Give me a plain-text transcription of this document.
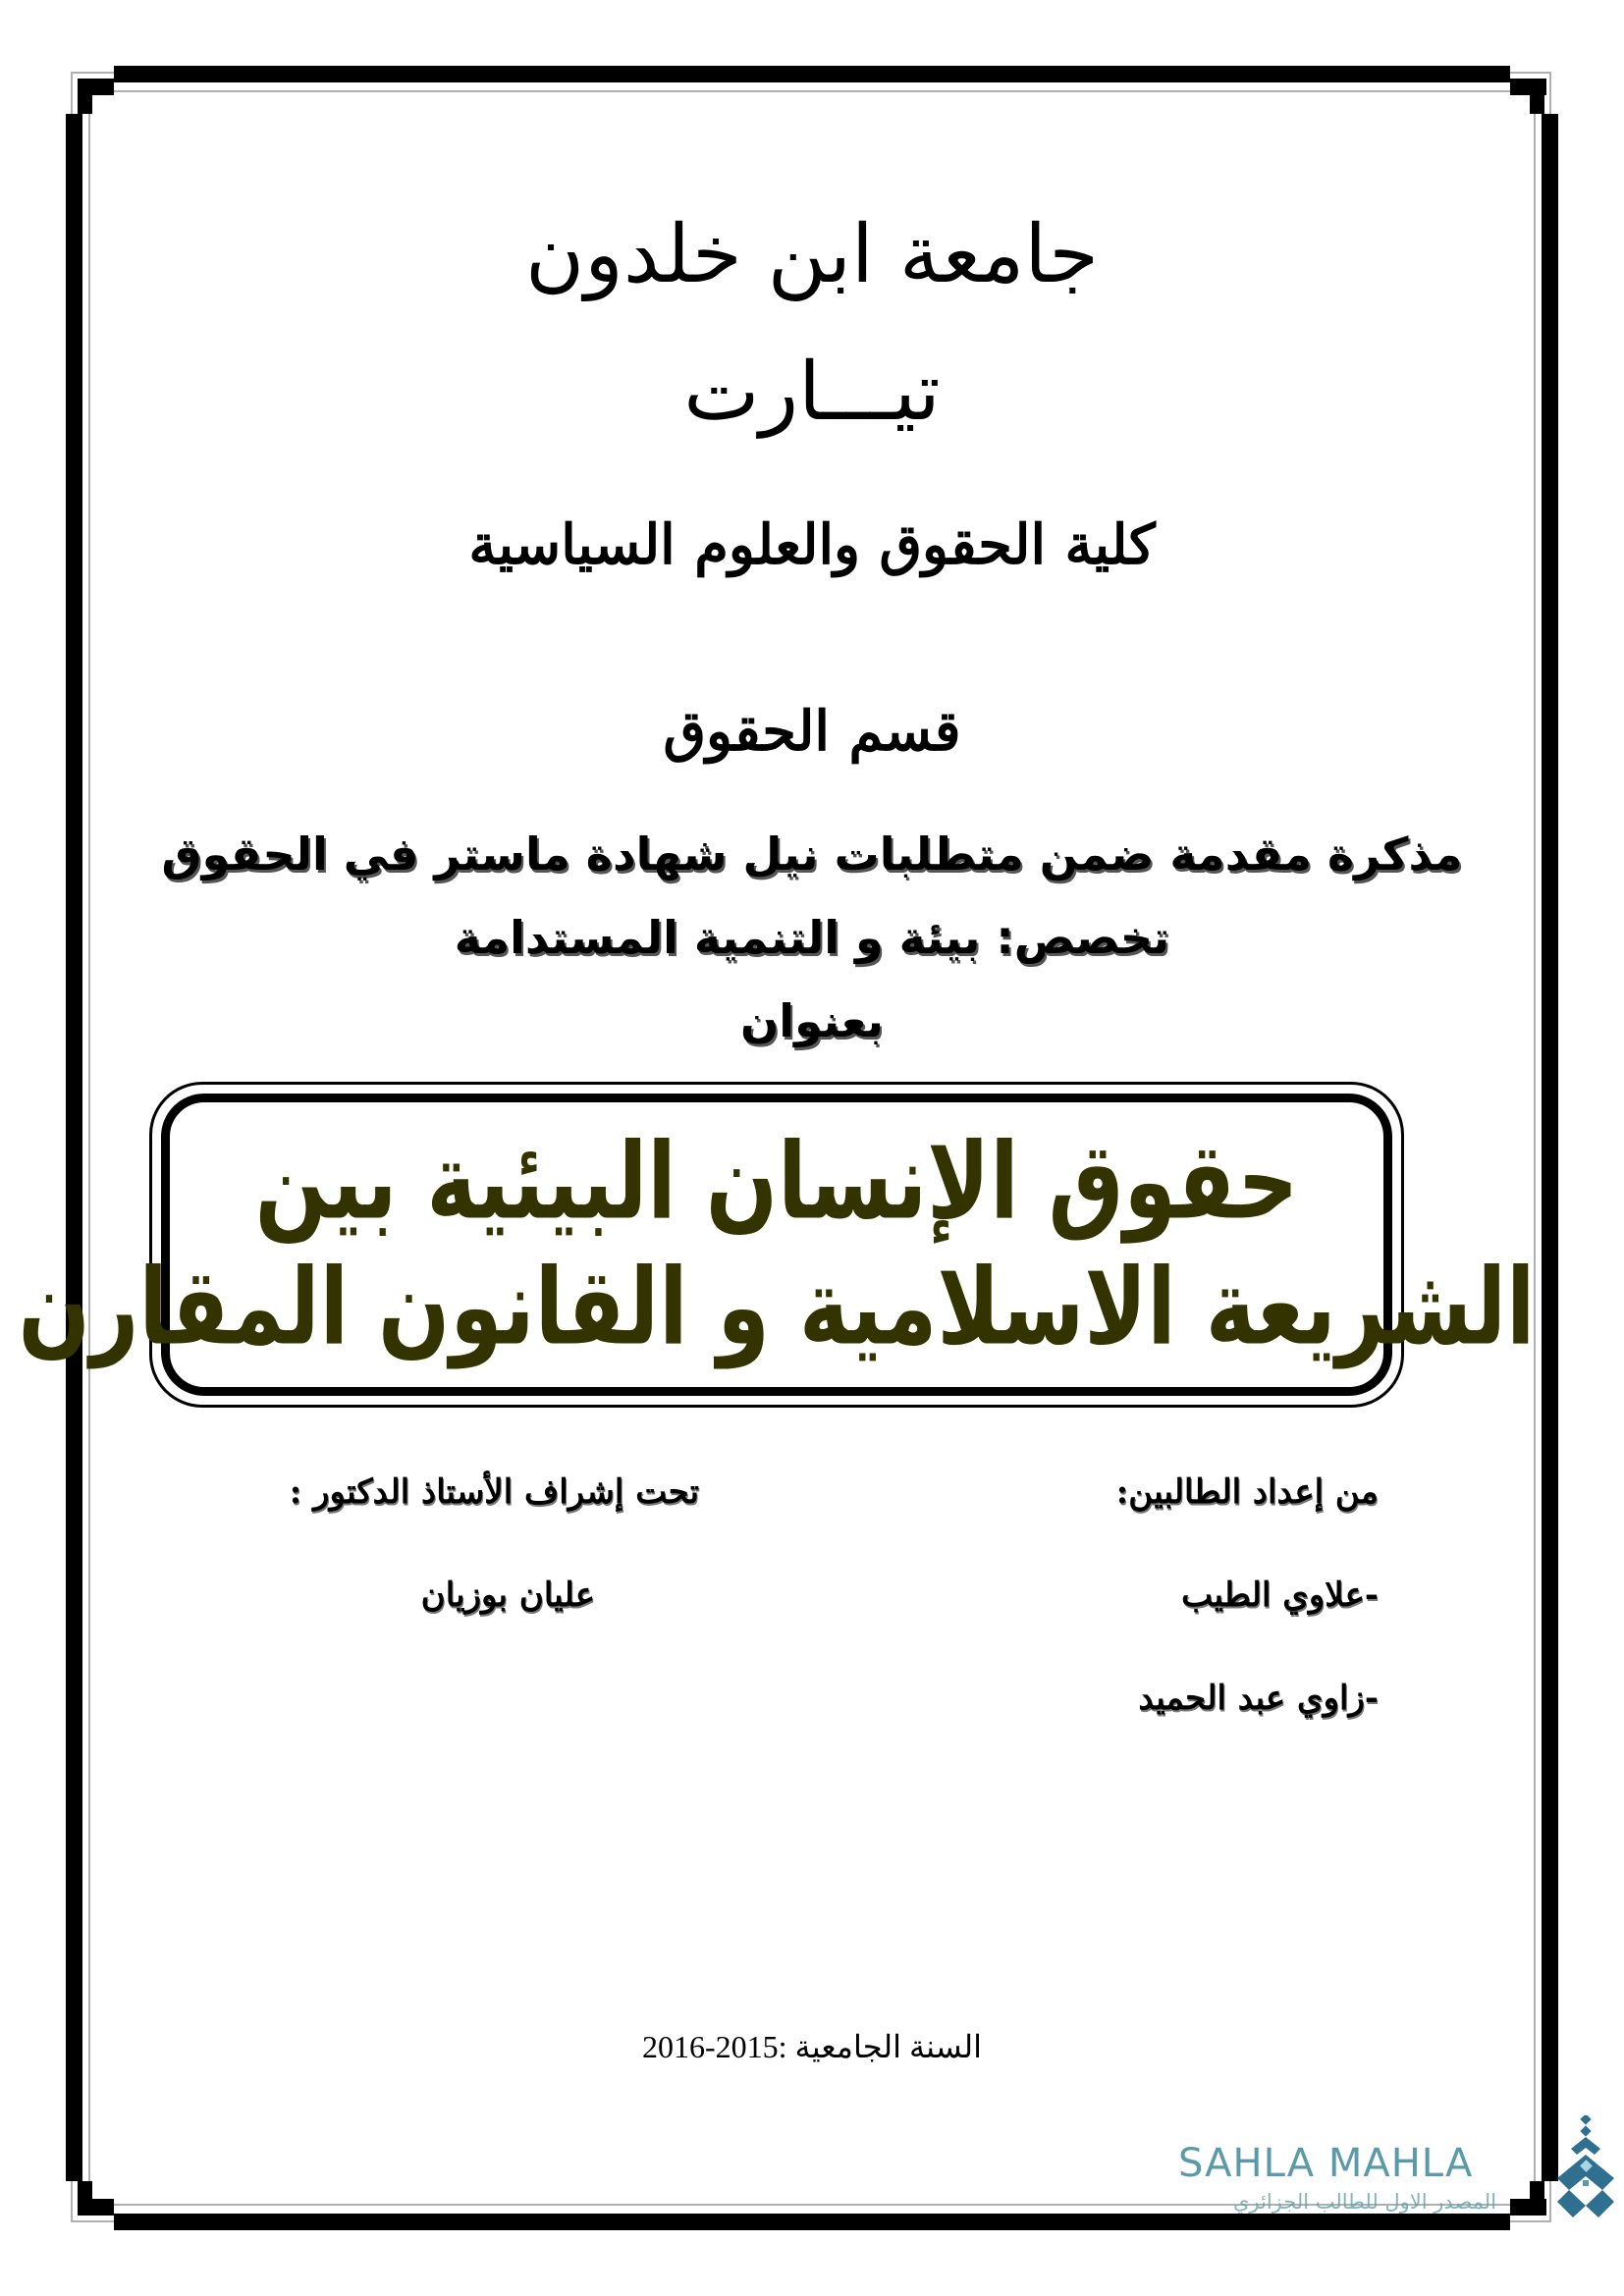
جامعة ابن خلدون
تيـــارت
كلية الحقوق والعلوم السياسية
قسم الحقوق
مذكرة مقدمة ضمن متطلبات نيل شهادة ماستر في الحقوق
تخصص: بيئة و التنمية المستدامة
بعنوان
حقوق الإنسان البيئية بين
الشريعة الاسلامية و القانون المقارن
من إعداد الطالبين:
-علاوي الطيب
-زاوي عبد الحميد
تحت إشراف الأستاذ الدكتور :
عليان بوزيان
السنة الجامعية :2015-2016
SAHLA MAHLA
المصدر الاول للطالب الجزائري
